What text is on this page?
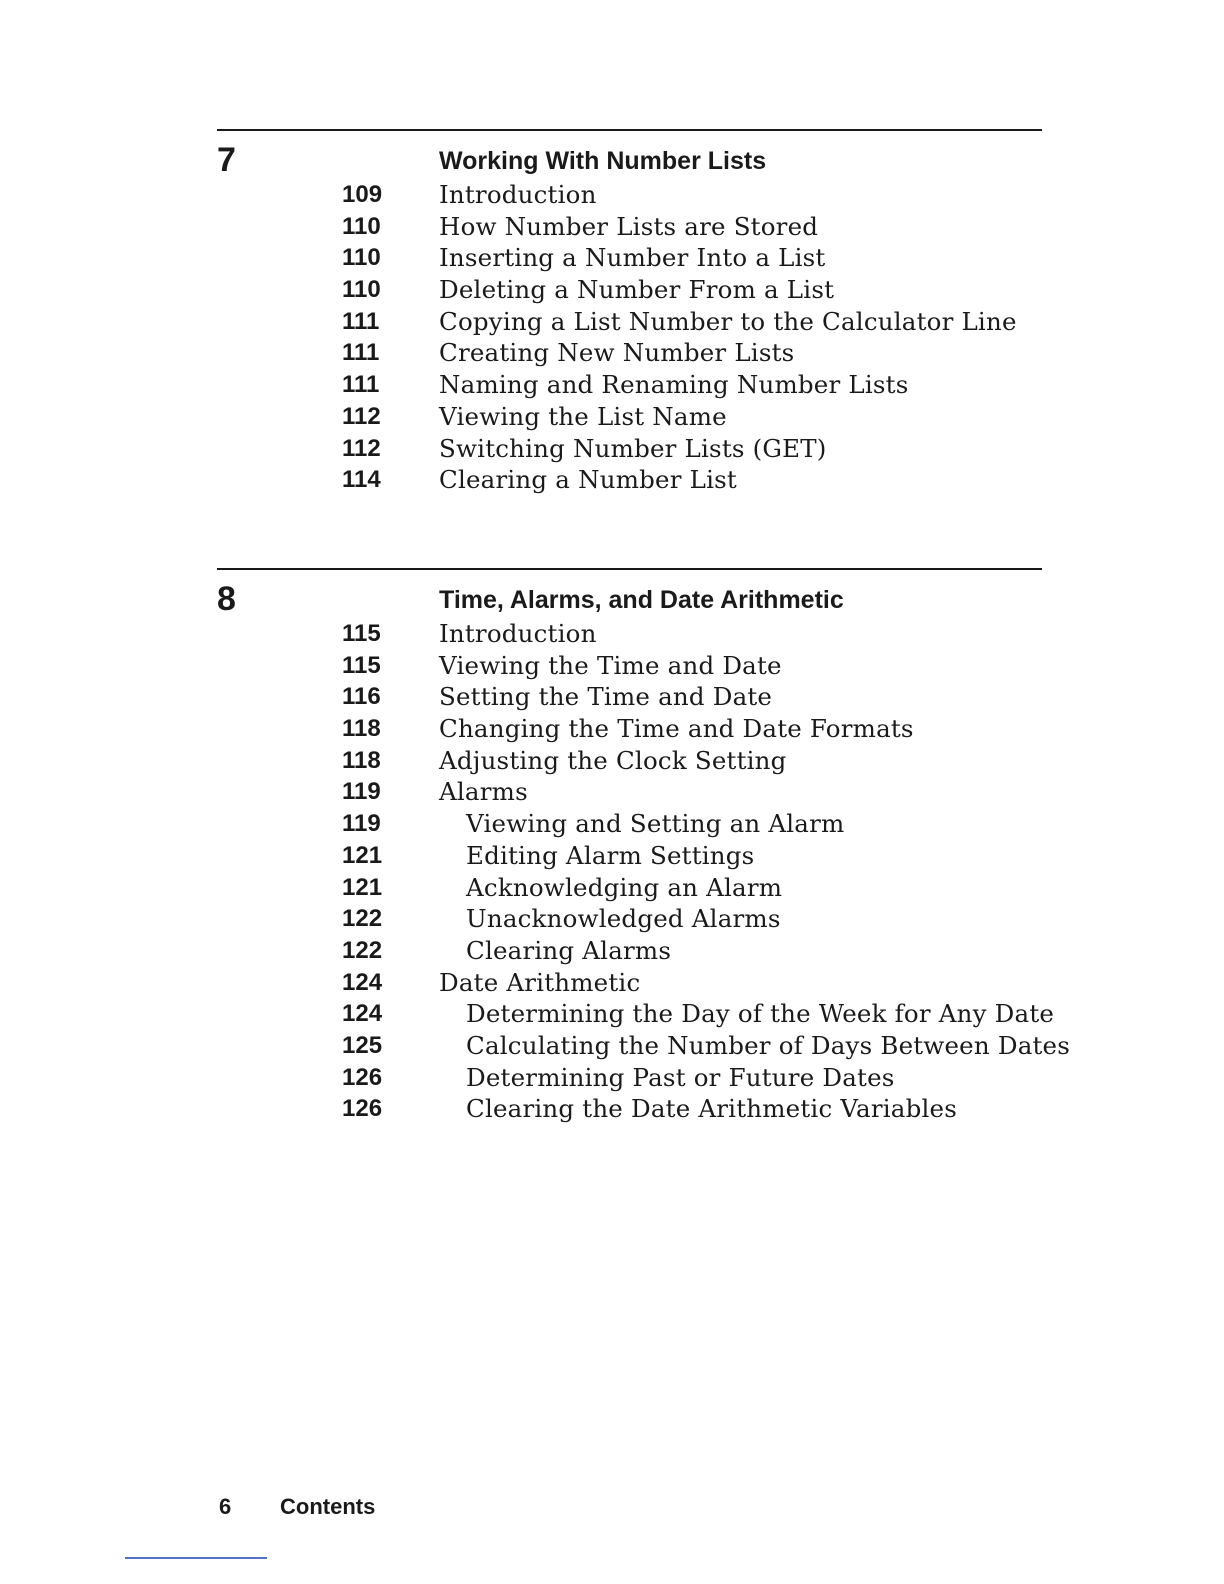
7	Working With Number Lists
109	Introduction
110	How Number Lists are Stored
110	Inserting a Number Into a List
110	Deleting a Number From a List
111	Copying a List Number to the Calculator Line
111	Creating New Number Lists
111	Naming and Renaming Number Lists
112	Viewing the List Name
112	Switching Number Lists (GET)
114	Clearing a Number List
8	Time, Alarms, and Date Arithmetic
115	Introduction
115	Viewing the Time and Date
116	Setting the Time and Date
118	Changing the Time and Date Formats
118	Adjusting the Clock Setting
119	Alarms
119	Viewing and Setting an Alarm
121	Editing Alarm Settings
121	Acknowledging an Alarm
122	Unacknowledged Alarms
122	Clearing Alarms
124	Date Arithmetic
124	Determining the Day of the Week for Any Date
125	Calculating the Number of Days Between Dates
126	Determining Past or Future Dates
126	Clearing the Date Arithmetic Variables
6 Contents
